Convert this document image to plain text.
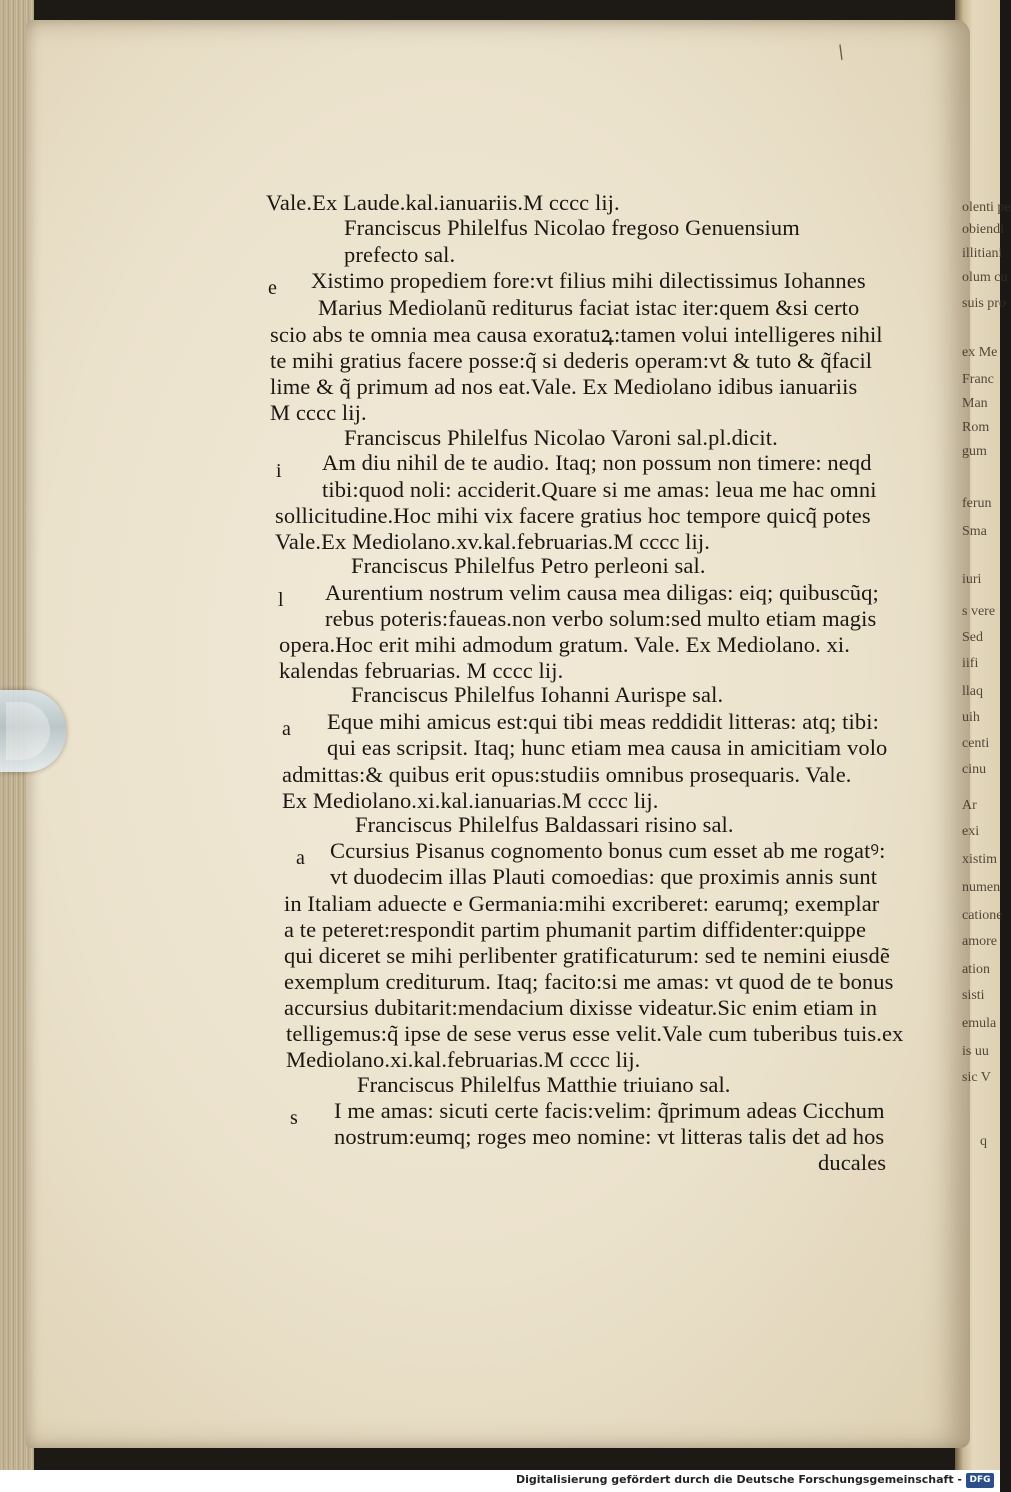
/
Vale.Ex Laude.kal.ianuariis.M cccc lij.
Franciscus Philelfus Nicolao fregoso Genuensium
prefecto sal.
e Xistimo propediem fore:vt filius mihi dilectissimus Iohannes
Marius Mediolanũ rediturus faciat istac iter:quem &si certo
scio abs te omnia mea causa exoratuꝝ:tamen volui intelligeres nihil
te mihi gratius facere posse:q̃ si dederis operam:vt & tuto & q̃facil
lime & q̃ primum ad nos eat.Vale. Ex Mediolano idibus ianuariis
M cccc lij.
Franciscus Philelfus Nicolao Varoni sal.pl.dicit.
i Am diu nihil de te audio. Itaq; non possum non timere: neqd
tibi:quod noli: acciderit.Quare si me amas: leua me hac omni
sollicitudine.Hoc mihi vix facere gratius hoc tempore quicq̃ potes
Vale.Ex Mediolano.xv.kal.februarias.M cccc lij.
Franciscus Philelfus Petro perleoni sal.
l Aurentium nostrum velim causa mea diligas: eiq; quibuscũq;
rebus poteris:faueas.non verbo solum:sed multo etiam magis
opera.Hoc erit mihi admodum gratum. Vale. Ex Mediolano. xi.
kalendas februarias. M cccc lij.
Franciscus Philelfus Iohanni Aurispe sal.
a Eque mihi amicus est:qui tibi meas reddidit litteras: atq; tibi:
qui eas scripsit. Itaq; hunc etiam mea causa in amicitiam volo
admittas:& quibus erit opus:studiis omnibus prosequaris. Vale.
Ex Mediolano.xi.kal.ianuarias.M cccc lij.
Franciscus Philelfus Baldassari risino sal.
a Ccursius Pisanus cognomento bonus cum esset ab me rogatꝰ:
vt duodecim illas Plauti comoedias: que proximis annis sunt
in Italiam aduecte e Germania:mihi excriberet: earumq; exemplar
a te peteret:respondit partim phumanit partim diffidenter:quippe
qui diceret se mihi perlibenter gratificaturum: sed te nemini eiusdẽ
exemplum crediturum. Itaq; facito:si me amas: vt quod de te bonus
accursius dubitarit:mendacium dixisse videatur.Sic enim etiam in
telligemus:q̃ ipse de sese verus esse velit.Vale cum tuberibus tuis.ex
Mediolano.xi.kal.februarias.M cccc lij.
Franciscus Philelfus Matthie triuiano sal.
s I me amas: sicuti certe facis:velim: q̃primum adeas Cicchum
nostrum:eumq; roges meo nomine: vt litteras talis det ad hos
ducales
olenti pe
obiendi
illitiani
olum cu
suis pro
ex Me
Franc
Man
Rom
gum
ferun
Sma
iuri
s vere
Sed
iifi
llaq
uih
centi
cinu
Ar
exi
xistim
numen
catione
amore
ation
sisti
emula
is uu
sic V
q
Digitalisierung gefördert durch die Deutsche Forschungsgemeinschaft - DFG
